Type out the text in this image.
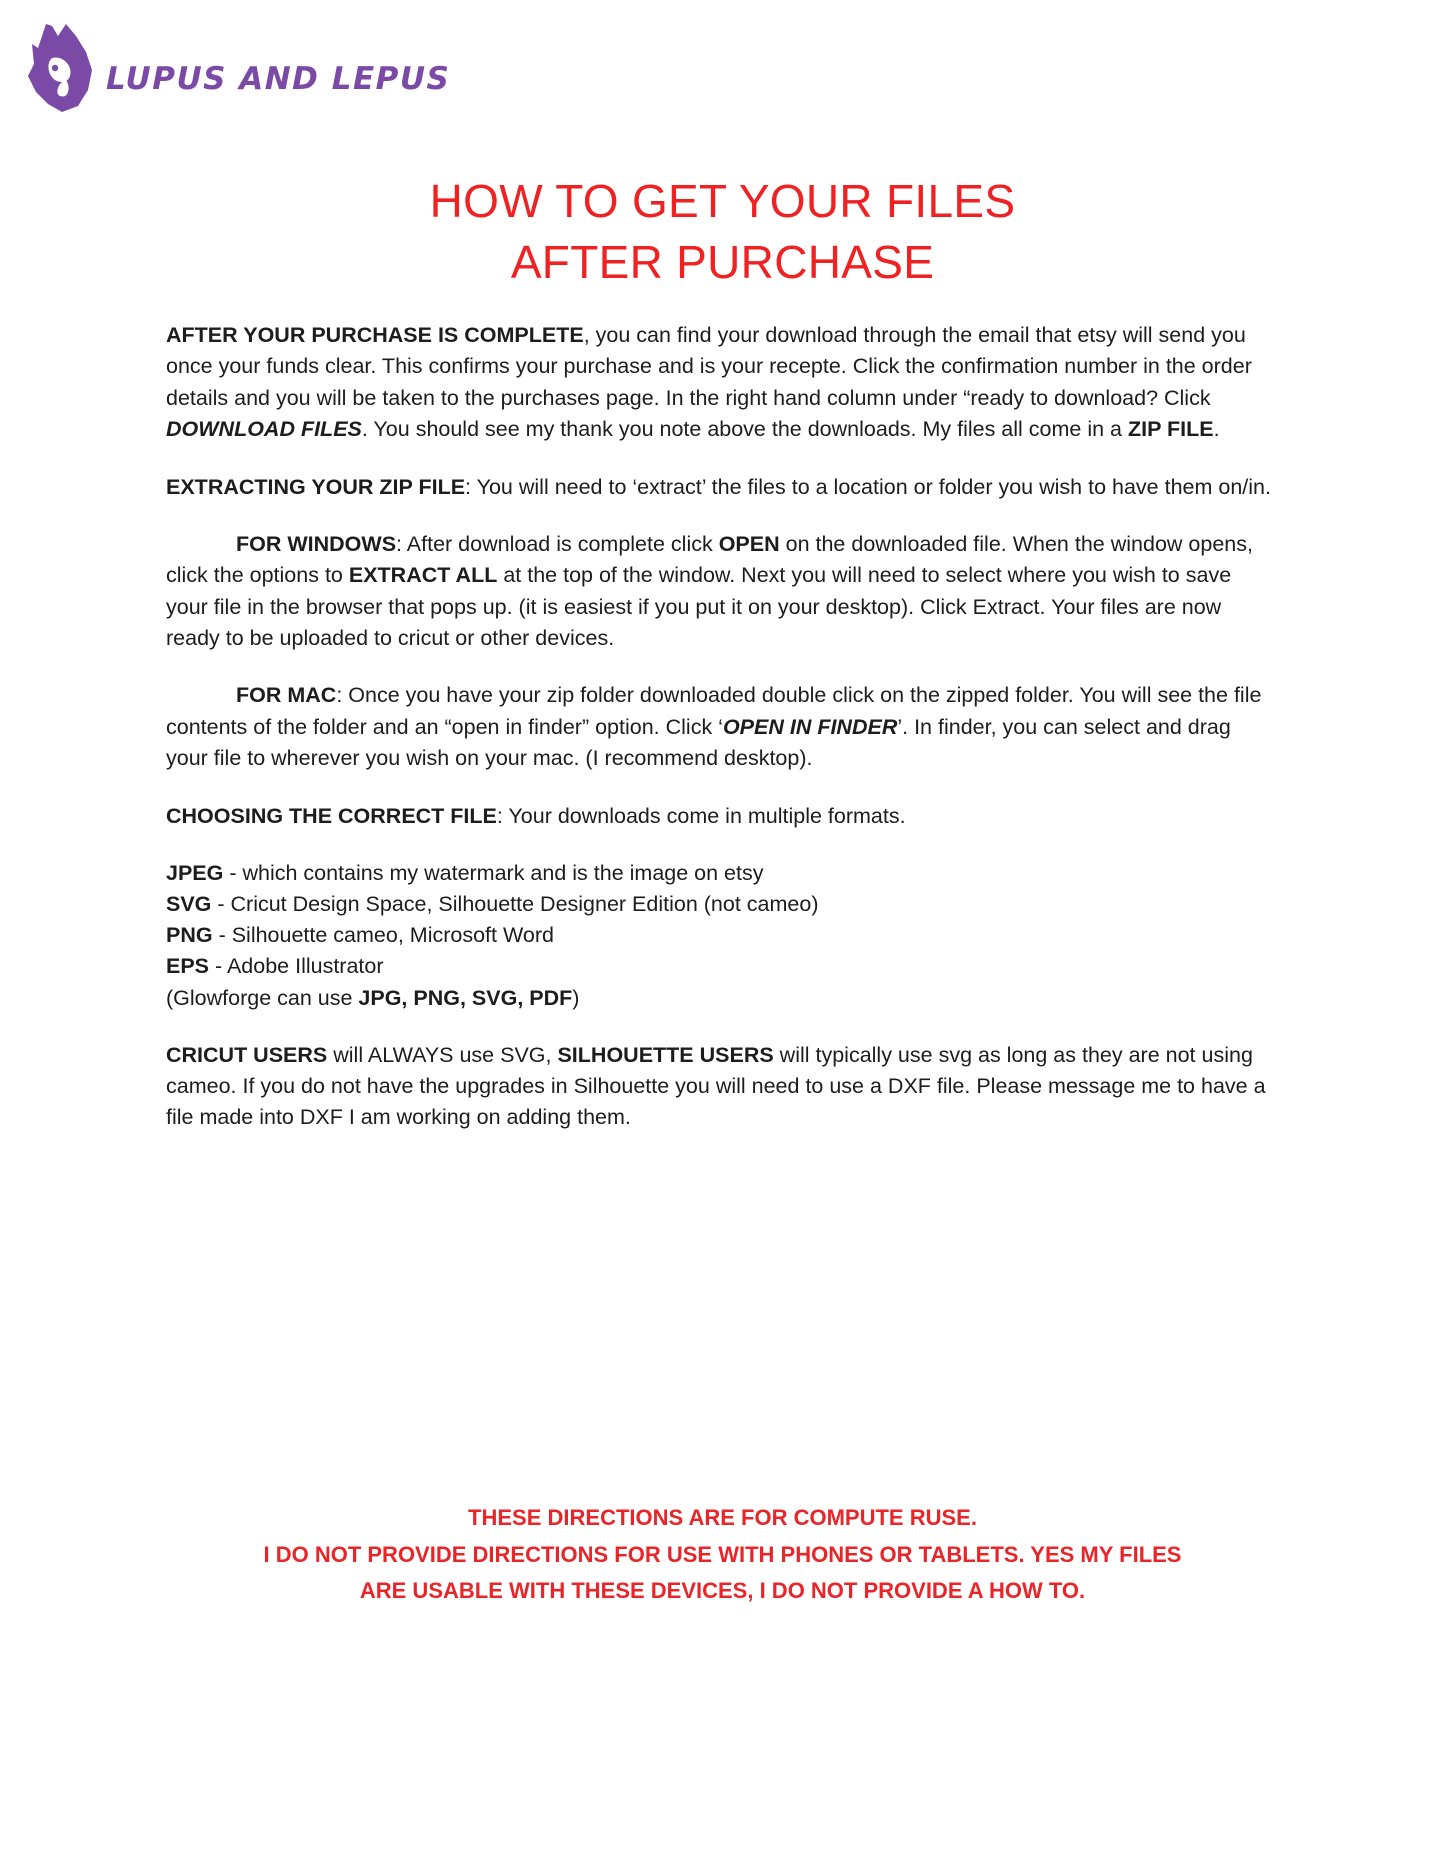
LUPUS AND LEPUS
HOW TO GET YOUR FILES
AFTER PURCHASE

AFTER YOUR PURCHASE IS COMPLETE, you can find your download through the email that etsy will send you once your funds clear. This confirms your purchase and is your recepte. Click the confirmation number in the order details and you will be taken to the purchases page. In the right hand column under “ready to download? Click DOWNLOAD FILES. You should see my thank you note above the downloads. My files all come in a ZIP FILE.

EXTRACTING YOUR ZIP FILE: You will need to ‘extract’ the files to a location or folder you wish to have them on/in.

FOR WINDOWS: After download is complete click OPEN on the downloaded file. When the window opens, click the options to EXTRACT ALL at the top of the window. Next you will need to select where you wish to save your file in the browser that pops up. (it is easiest if you put it on your desktop). Click Extract. Your files are now ready to be uploaded to cricut or other devices.

FOR MAC: Once you have your zip folder downloaded double click on the zipped folder. You will see the file contents of the folder and an “open in finder” option. Click ‘OPEN IN FINDER’. In finder, you can select and drag your file to wherever you wish on your mac. (I recommend desktop).

CHOOSING THE CORRECT FILE: Your downloads come in multiple formats.

JPEG - which contains my watermark and is the image on etsy
SVG - Cricut Design Space, Silhouette Designer Edition (not cameo)
PNG - Silhouette cameo, Microsoft Word
EPS - Adobe Illustrator
(Glowforge can use JPG, PNG, SVG, PDF)

CRICUT USERS will ALWAYS use SVG, SILHOUETTE USERS will typically use svg as long as they are not using cameo. If you do not have the upgrades in Silhouette you will need to use a DXF file. Please message me to have a file made into DXF I am working on adding them.

THESE DIRECTIONS ARE FOR COMPUTE RUSE.
I DO NOT PROVIDE DIRECTIONS FOR USE WITH PHONES OR TABLETS. YES MY FILES
ARE USABLE WITH THESE DEVICES, I DO NOT PROVIDE A HOW TO.
